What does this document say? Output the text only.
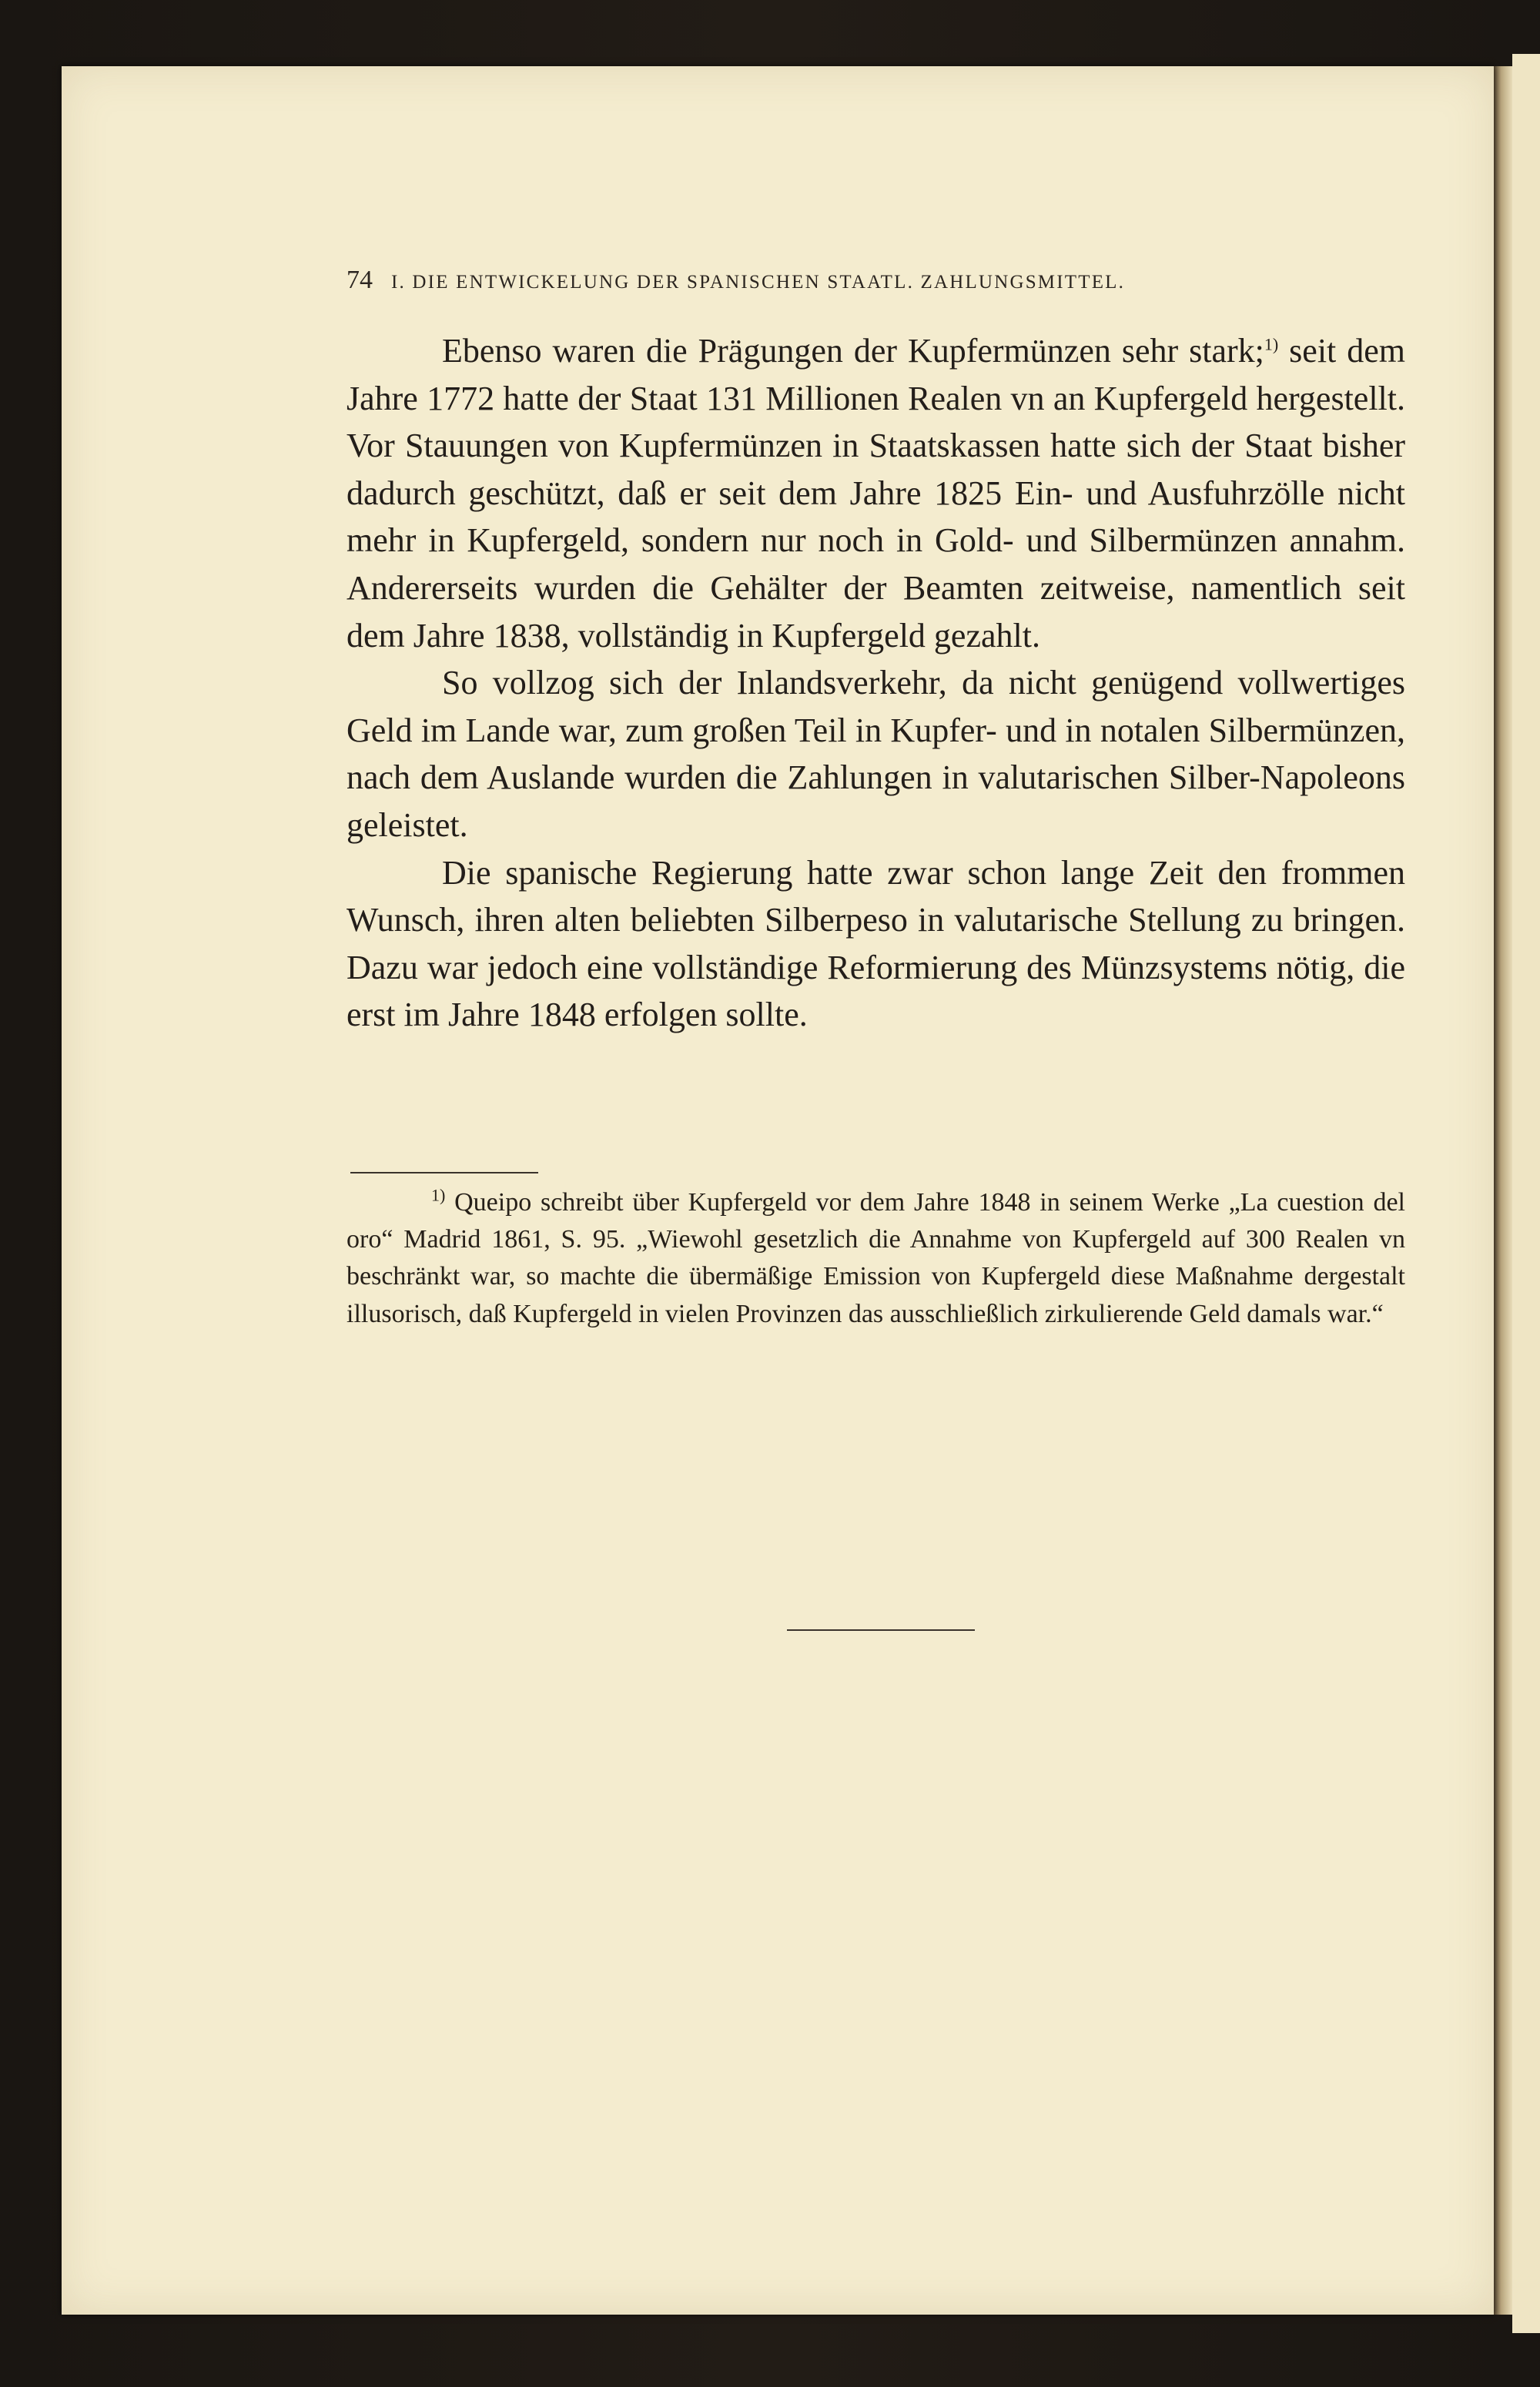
74 I. DIE ENTWICKELUNG DER SPANISCHEN STAATL. ZAHLUNGSMITTEL.

Ebenso waren die Prägungen der Kupfermünzen sehr stark;$^{1)}$ seit dem Jahre 1772 hatte der Staat 131 Millionen Realen vn an Kupfergeld hergestellt. Vor Stauungen von Kupfermünzen in Staatskassen hatte sich der Staat bisher dadurch geschützt, daß er seit dem Jahre 1825 Ein- und Ausfuhrzölle nicht mehr in Kupfergeld, sondern nur noch in Gold- und Silbermünzen annahm. Andererseits wurden die Gehälter der Beamten zeitweise, namentlich seit dem Jahre 1838, vollständig in Kupfergeld gezahlt.

So vollzog sich der Inlandsverkehr, da nicht genügend vollwertiges Geld im Lande war, zum großen Teil in Kupfer- und in notalen Silbermünzen, nach dem Auslande wurden die Zahlungen in valutarischen Silber-Napoleons geleistet.

Die spanische Regierung hatte zwar schon lange Zeit den frommen Wunsch, ihren alten beliebten Silberpeso in valutarische Stellung zu bringen. Dazu war jedoch eine vollständige Reformierung des Münzsystems nötig, die erst im Jahre 1848 erfolgen sollte.

$^{1)}$ Queipo schreibt über Kupfergeld vor dem Jahre 1848 in seinem Werke „La cuestion del oro“ Madrid 1861, S. 95. „Wiewohl gesetzlich die Annahme von Kupfergeld auf 300 Realen vn beschränkt war, so machte die übermäßige Emission von Kupfergeld diese Maßnahme dergestalt illusorisch, daß Kupfergeld in vielen Provinzen das ausschließlich zirkulierende Geld damals war.“
